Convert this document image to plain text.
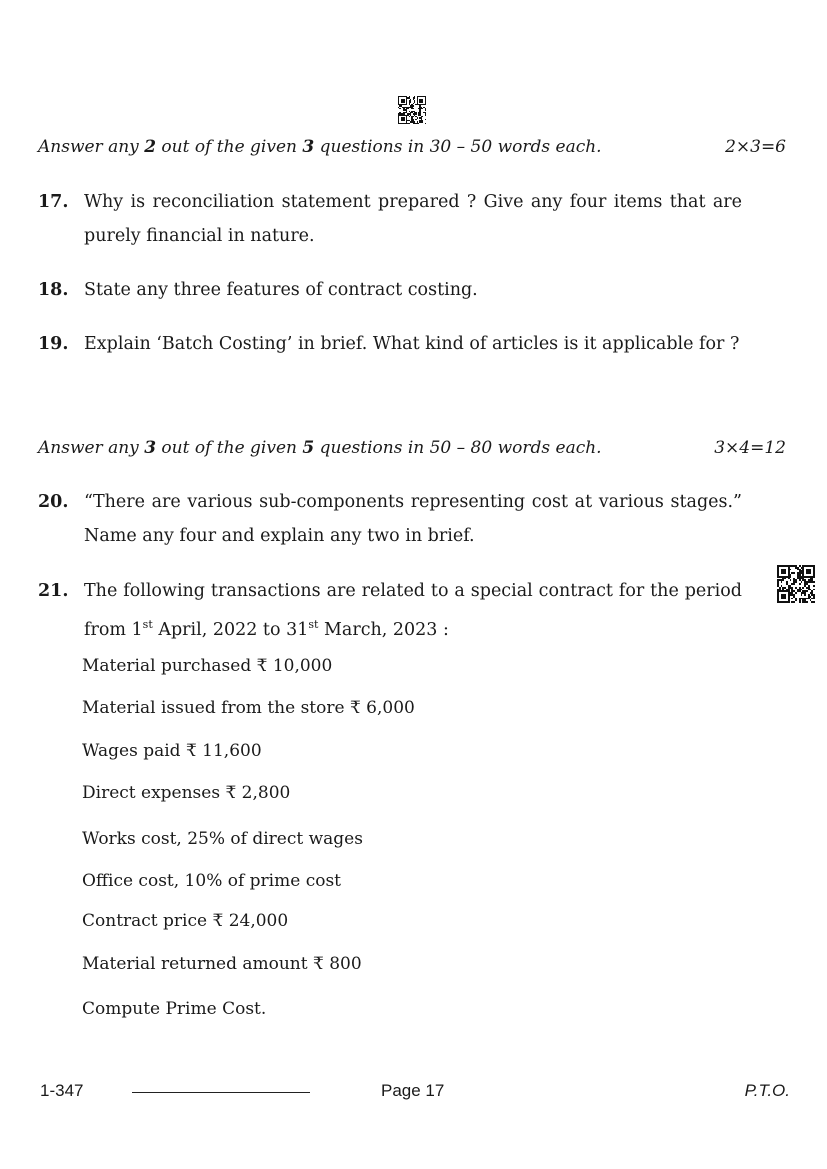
Answer any 2 out of the given 3 questions in 30 – 50 words each.	2×3=6
17. Why is reconciliation statement prepared ? Give any four items that are
purely financial in nature.
18. State any three features of contract costing.
19. Explain ‘Batch Costing’ in brief. What kind of articles is it applicable for ?
Answer any 3 out of the given 5 questions in 50 – 80 words each.	3×4=12
20. “There are various sub-components representing cost at various stages.”
Name any four and explain any two in brief.
21. The following transactions are related to a special contract for the period
from 1st April, 2022 to 31st March, 2023 :
Material purchased ₹ 10,000
Material issued from the store ₹ 6,000
Wages paid ₹ 11,600
Direct expenses ₹ 2,800
Works cost, 25% of direct wages
Office cost, 10% of prime cost
Contract price ₹ 24,000
Material returned amount ₹ 800
Compute Prime Cost.
1-347	Page 17	P.T.O.
